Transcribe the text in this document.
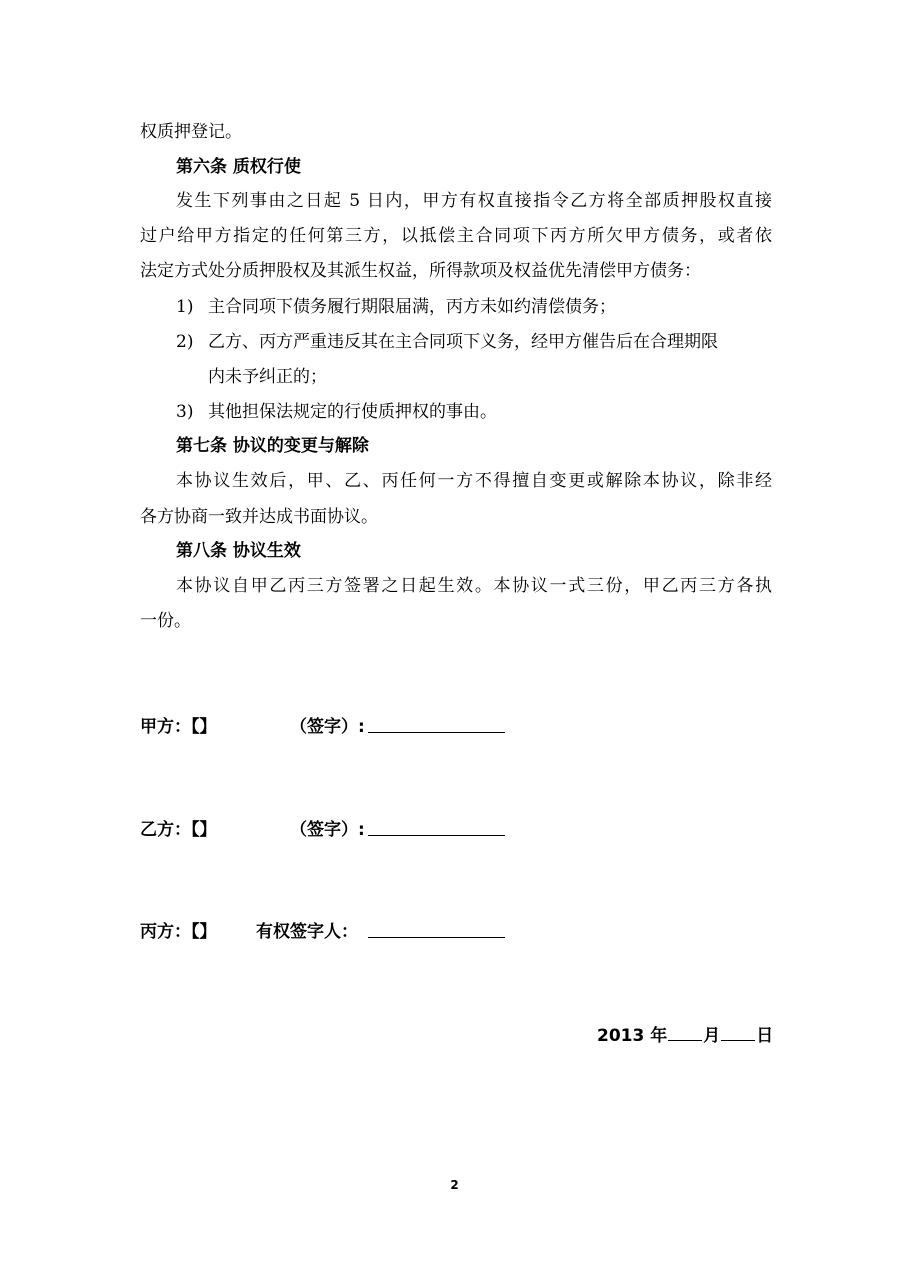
权质押登记。
第六条 质权行使
发生下列事由之日起 5 日内，甲方有权直接指令乙方将全部质押股权直接
过户给甲方指定的任何第三方，以抵偿主合同项下丙方所欠甲方债务，或者依
法定方式处分质押股权及其派生权益，所得款项及权益优先清偿甲方债务：
1) 主合同项下债务履行期限届满，丙方未如约清偿债务；
2) 乙方、丙方严重违反其在主合同项下义务，经甲方催告后在合理期限
内未予纠正的；
3) 其他担保法规定的行使质押权的事由。
第七条 协议的变更与解除
本协议生效后，甲、乙、丙任何一方不得擅自变更或解除本协议，除非经
各方协商一致并达成书面协议。
第八条 协议生效
本协议自甲乙丙三方签署之日起生效。本协议一式三份，甲乙丙三方各执
一份。
甲方：【】	（签字）:
乙方：【】	（签字）:
丙方：【】 有权签字人：
2013 年 月 日
2
